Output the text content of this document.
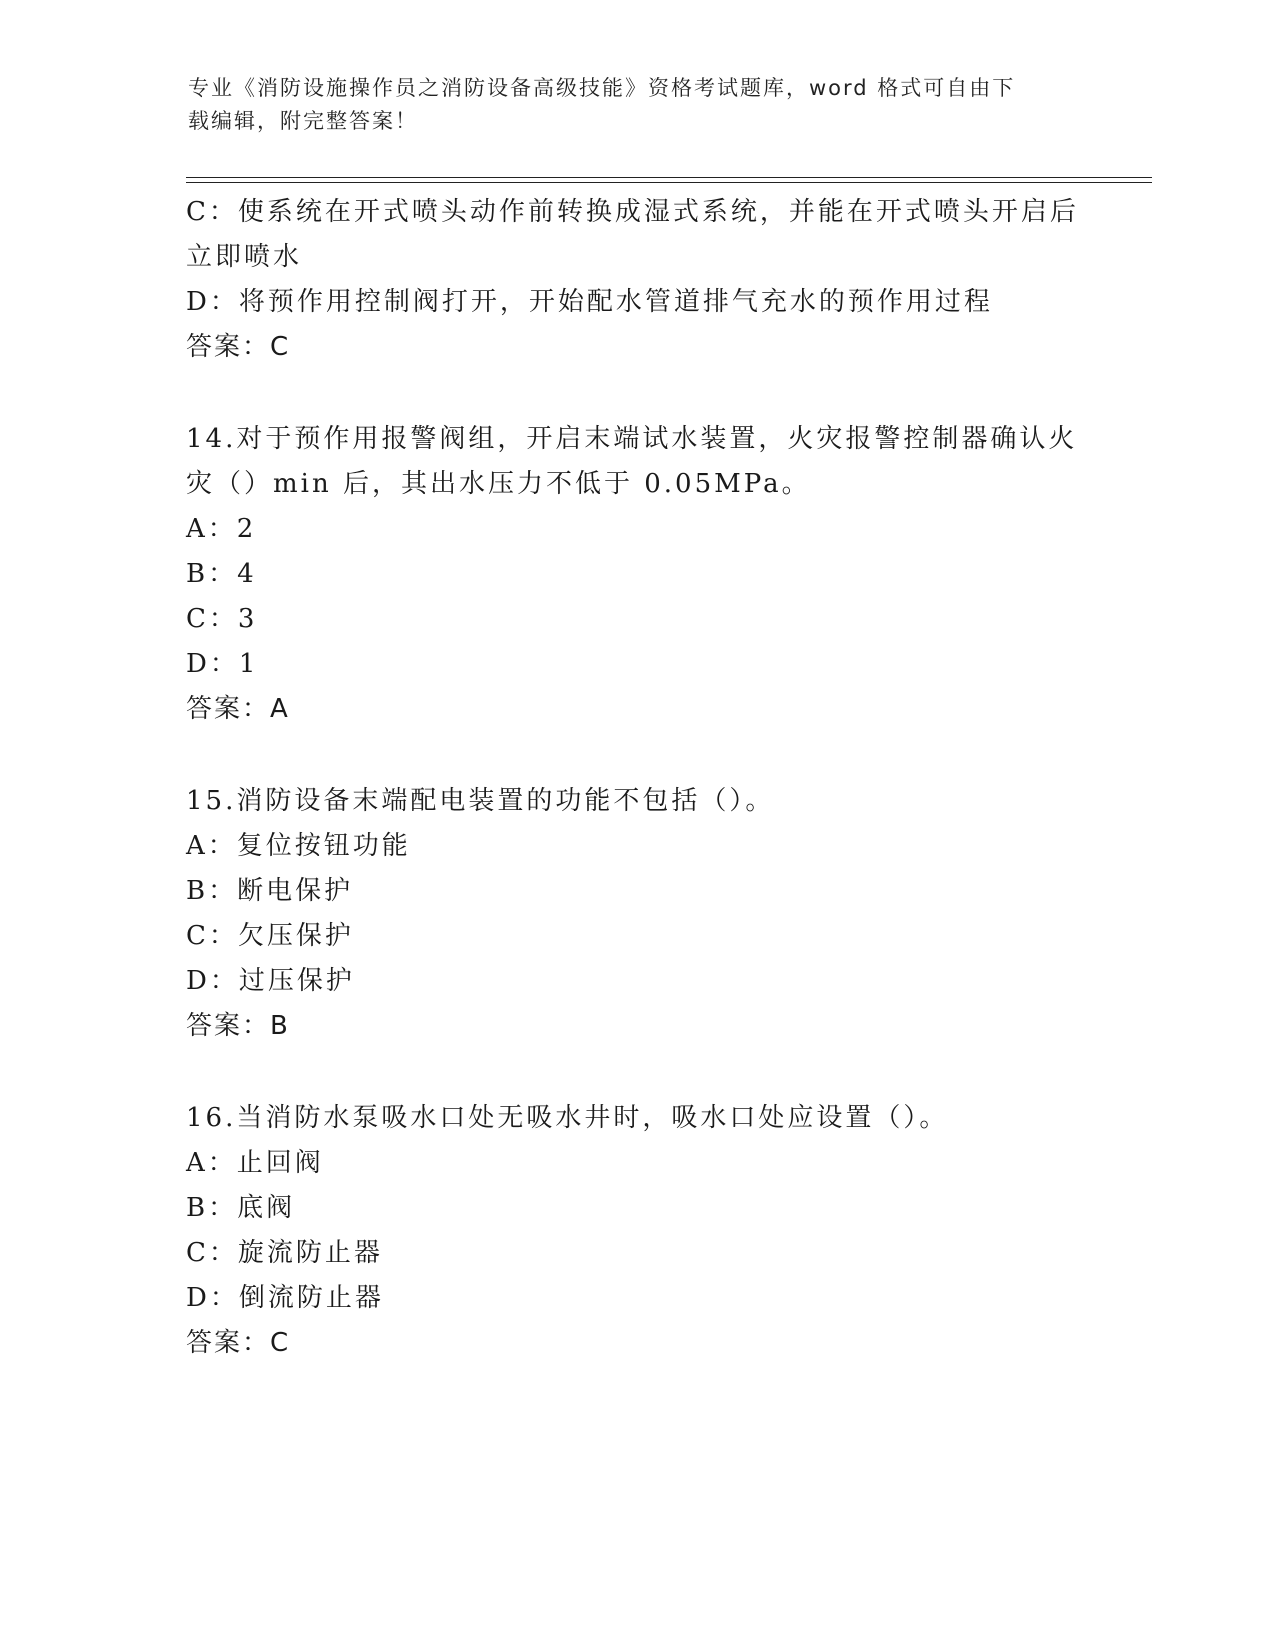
专业《消防设施操作员之消防设备高级技能》资格考试题库，word 格式可自由下
载编辑，附完整答案！
C：使系统在开式喷头动作前转换成湿式系统，并能在开式喷头开启后
立即喷水
D：将预作用控制阀打开，开始配水管道排气充水的预作用过程
答案：C
14.对于预作用报警阀组，开启末端试水装置，火灾报警控制器确认火
灾（）min 后，其出水压力不低于 0.05MPa。
A：2
B：4
C：3
D：1
答案：A
15.消防设备末端配电装置的功能不包括（）。
A：复位按钮功能
B：断电保护
C：欠压保护
D：过压保护
答案：B
16.当消防水泵吸水口处无吸水井时，吸水口处应设置（）。
A：止回阀
B：底阀
C：旋流防止器
D：倒流防止器
答案：C
